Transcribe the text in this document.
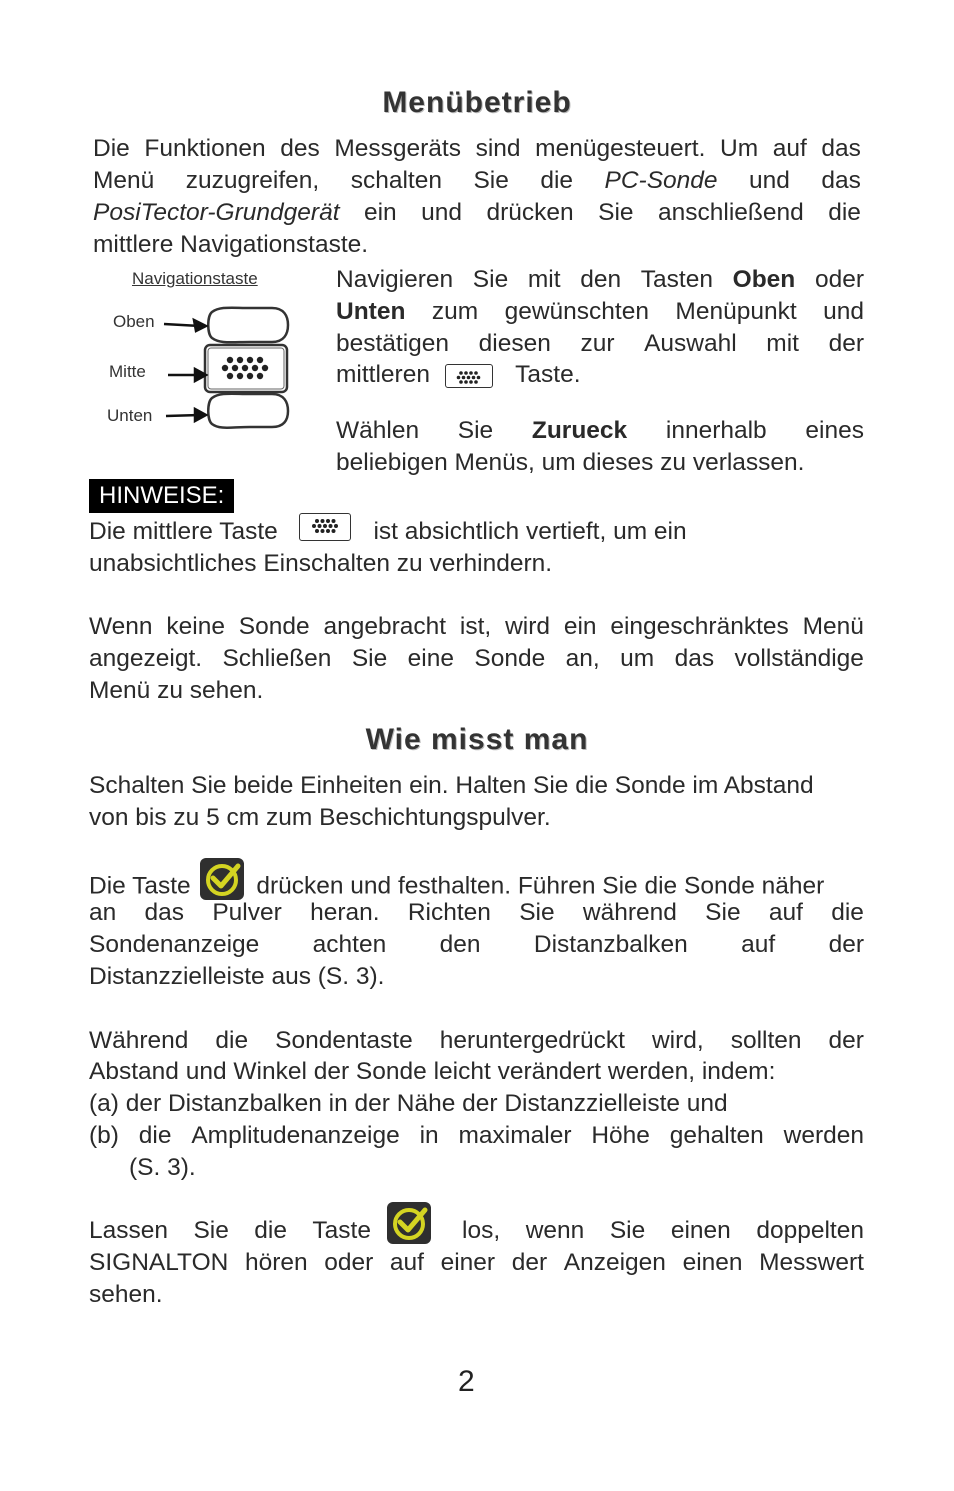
Menübetrieb
Die Funktionen des Messgeräts sind menügesteuert. Um auf das
Menü zuzugreifen, schalten Sie die PC-Sonde und das
PosiTector-Grundgerät ein und drücken Sie anschließend die
mittlere Navigationstaste.
Navigationstaste
Oben
Mitte
Unten
Navigieren Sie mit den Tasten Oben oder
Unten zum gewünschten Menüpunkt und
bestätigen diesen zur Auswahl mit der
mittleren	Taste.
Wählen Sie Zurueck innerhalb eines
beliebigen Menüs, um dieses zu verlassen.
HINWEISE:
Die mittlere Taste	ist absichtlich vertieft, um ein
unabsichtliches Einschalten zu verhindern.
Wenn keine Sonde angebracht ist, wird ein eingeschränktes Menü
angezeigt. Schließen Sie eine Sonde an, um das vollständige
Menü zu sehen.
Wie misst man
Schalten Sie beide Einheiten ein. Halten Sie die Sonde im Abstand
von bis zu 5 cm zum Beschichtungspulver.
Die Taste	drücken und festhalten. Führen Sie die Sonde näher
an das Pulver heran. Richten Sie während Sie auf die
Sondenanzeige achten den Distanzbalken auf der
Distanzzielleiste aus (S. 3).
Während die Sondentaste heruntergedrückt wird, sollten der
Abstand und Winkel der Sonde leicht verändert werden, indem:
(a) der Distanzbalken in der Nähe der Distanzzielleiste und
(b) die Amplitudenanzeige in maximaler Höhe gehalten werden
(S. 3).
Lassen Sie die Taste	los, wenn Sie einen doppelten
SIGNALTON hören oder auf einer der Anzeigen einen Messwert
sehen.
2
